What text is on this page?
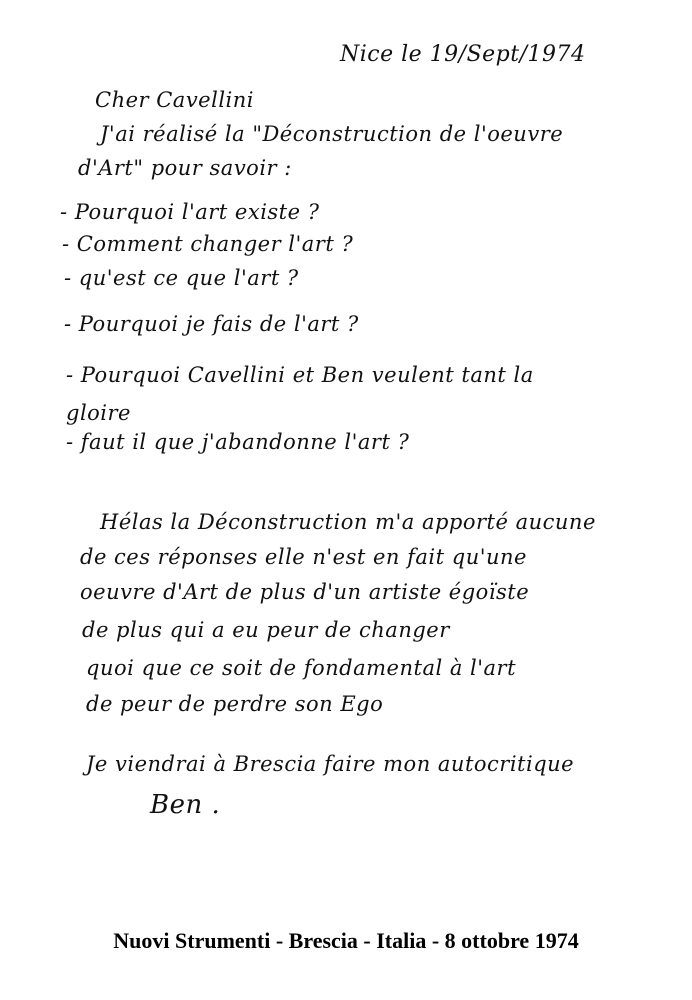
Nice le 19/Sept/1974
Cher Cavellini
J'ai réalisé la "Déconstruction de l'oeuvre
d'Art" pour savoir :
- Pourquoi l'art existe ?
- Comment changer l'art ?
- qu'est ce que l'art ?
- Pourquoi je fais de l'art ?
- Pourquoi Cavellini et Ben veulent tant la gloire
- faut il que j'abandonne l'art ?
Hélas la Déconstruction m'a apporté aucune
de ces réponses elle n'est en fait qu'une
oeuvre d'Art de plus d'un artiste égoïste
de plus qui a eu peur de changer
quoi que ce soit de fondamental à l'art
de peur de perdre son Ego
Je viendrai à Brescia faire mon autocritique
Ben .
Nuovi Strumenti - Brescia - Italia - 8 ottobre 1974
